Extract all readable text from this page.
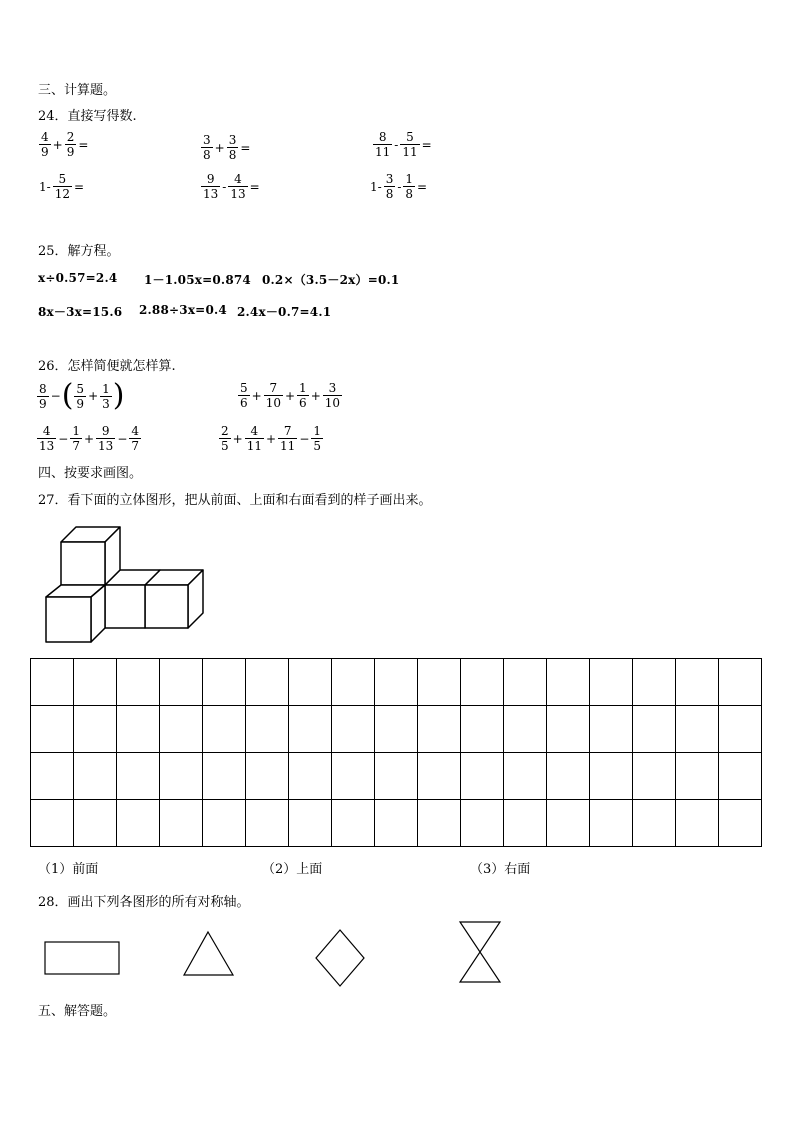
三、计算题。
24．直接写得数.
$\frac{4}{9} + \frac{2}{9}$ =	$\frac{3}{8} + \frac{3}{8}$ =	$\frac{8}{11} - \frac{5}{11}$ =
$1- \frac{5}{12}$ =	$\frac{9}{13} - \frac{4}{13}$ =	$1- \frac{3}{8} - \frac{1}{8}$ =
25．解方程。
x÷0.57=2.4 1－1.05x=0.874 0.2×（3.5－2x）=0.1
8x－3x=15.6 2.88÷3x=0.4 2.4x－0.7=4.1
26．怎样简便就怎样算.
$\frac{8}{9}$ − ( $\frac{5}{9} + \frac{1}{3}$ )	$\frac{5}{6} + \frac{7}{10} + \frac{1}{6} + \frac{3}{10}$
$\frac{4}{13} - \frac{1}{7} + \frac{9}{13} - \frac{4}{7}$	$\frac{2}{5} + \frac{4}{11} + \frac{7}{11} - \frac{1}{5}$
四、按要求画图。
27．看下面的立体图形，把从前面、上面和右面看到的样子画出来。

（1）前面	（2）上面	（3）右面
28．画出下列各图形的所有对称轴。
五、解答题。
